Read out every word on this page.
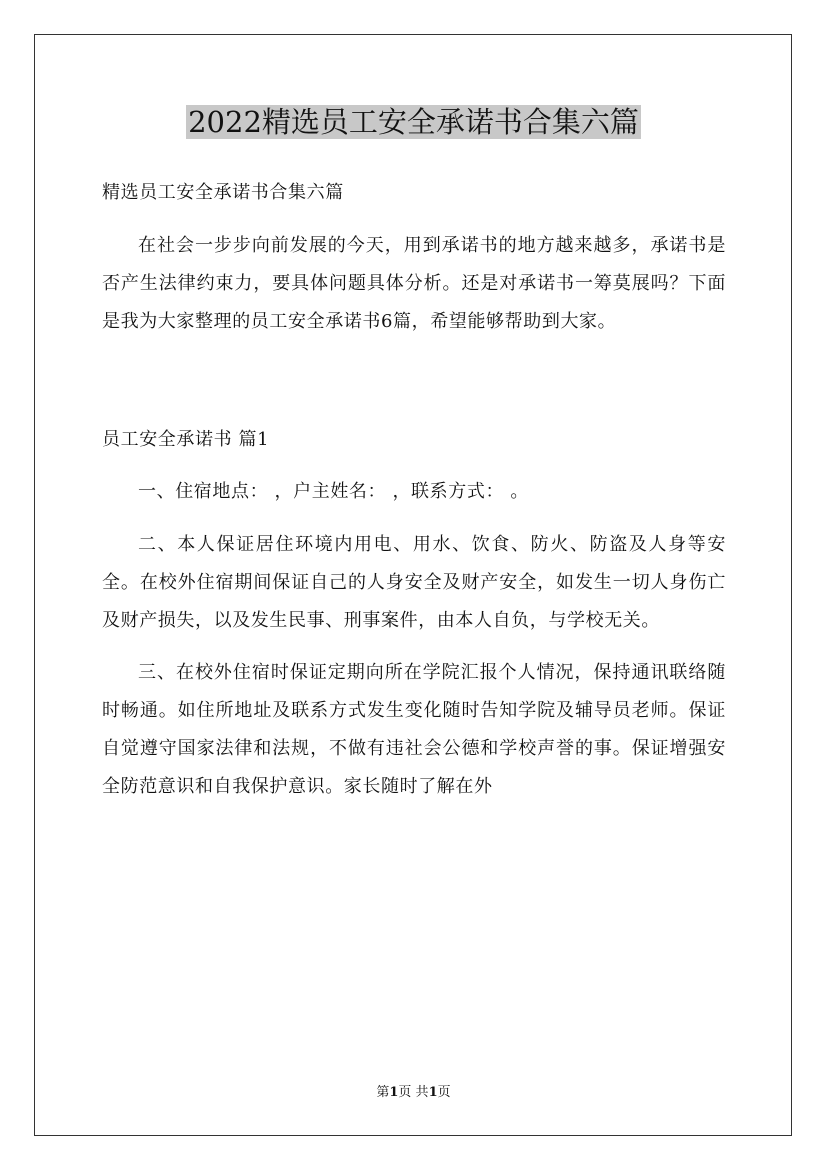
2022精选员工安全承诺书合集六篇

精选员工安全承诺书合集六篇

在社会一步步向前发展的今天，用到承诺书的地方越来越多，承诺书是否产生法律约束力，要具体问题具体分析。还是对承诺书一筹莫展吗？下面是我为大家整理的员工安全承诺书6篇，希望能够帮助到大家。

员工安全承诺书 篇1

一、住宿地点： ，户主姓名： ，联系方式： 。

二、本人保证居住环境内用电、用水、饮食、防火、防盗及人身等安全。在校外住宿期间保证自己的人身安全及财产安全，如发生一切人身伤亡及财产损失，以及发生民事、刑事案件，由本人自负，与学校无关。

三、在校外住宿时保证定期向所在学院汇报个人情况，保持通讯联络随时畅通。如住所地址及联系方式发生变化随时告知学院及辅导员老师。保证自觉遵守国家法律和法规，不做有违社会公德和学校声誉的事。保证增强安全防范意识和自我保护意识。家长随时了解在外

第1页 共1页
